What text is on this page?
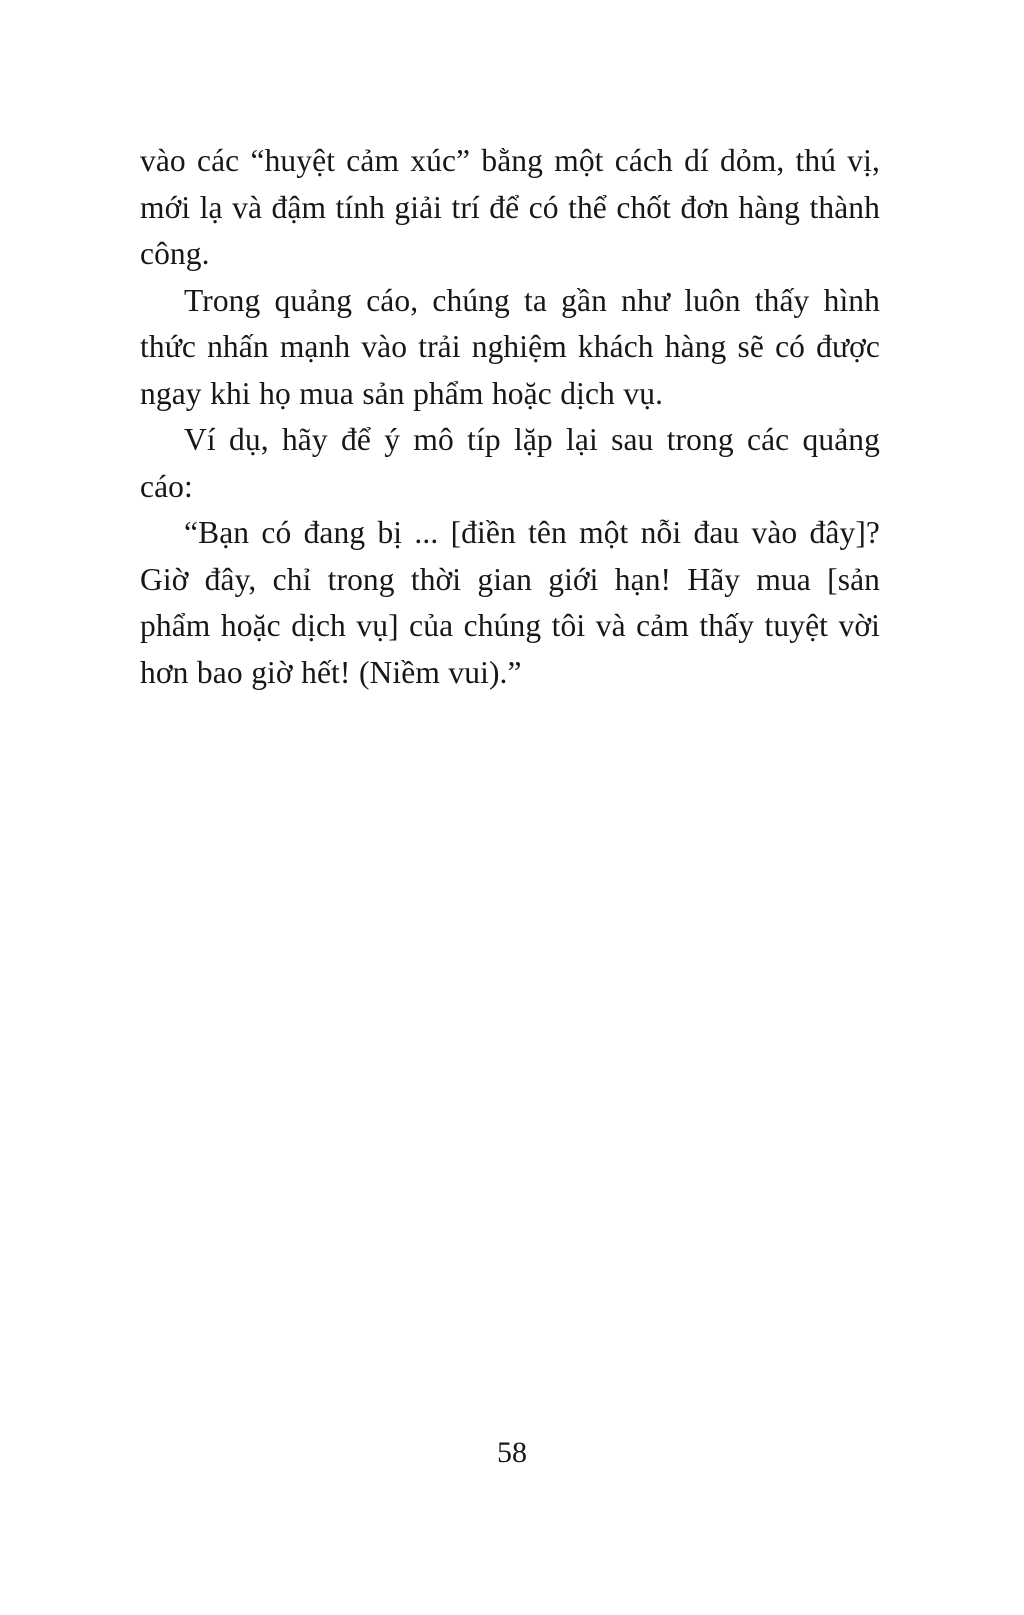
vào các “huyệt cảm xúc” bằng một cách dí dỏm, thú vị, mới lạ và đậm tính giải trí để có thể chốt đơn hàng thành công.

Trong quảng cáo, chúng ta gần như luôn thấy hình thức nhấn mạnh vào trải nghiệm khách hàng sẽ có được ngay khi họ mua sản phẩm hoặc dịch vụ.

Ví dụ, hãy để ý mô típ lặp lại sau trong các quảng cáo:

“Bạn có đang bị ... [điền tên một nỗi đau vào đây]? Giờ đây, chỉ trong thời gian giới hạn! Hãy mua [sản phẩm hoặc dịch vụ] của chúng tôi và cảm thấy tuyệt vời hơn bao giờ hết! (Niềm vui).”

58
